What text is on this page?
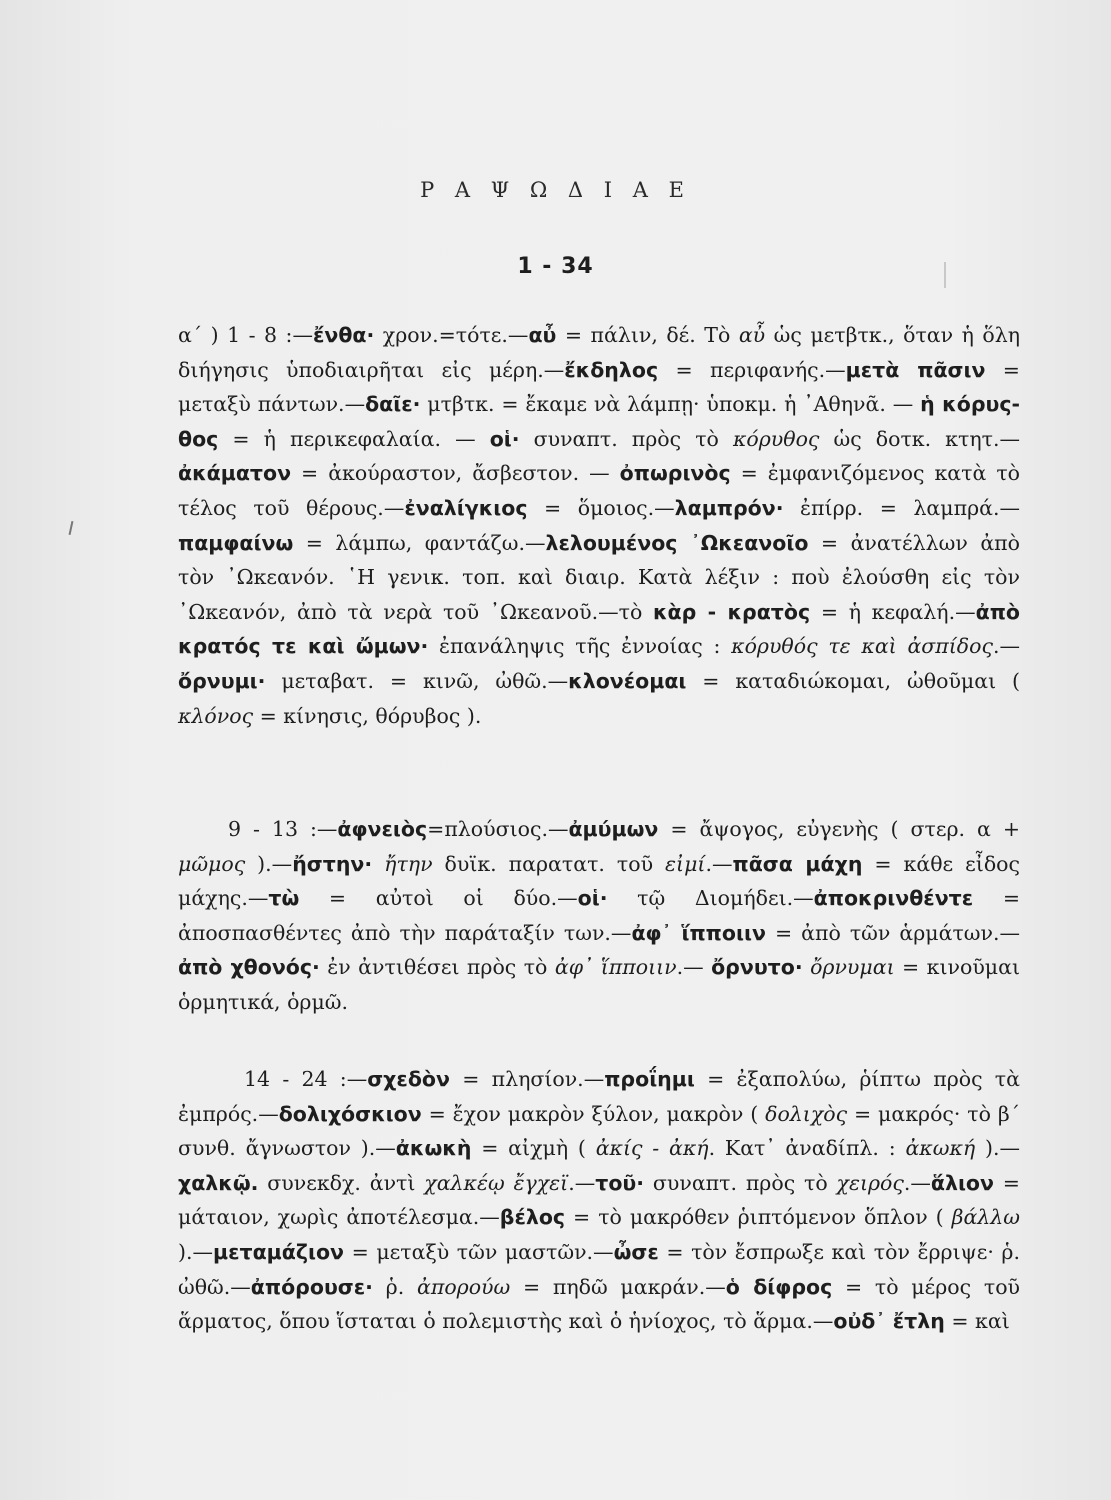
Ρ Α Ψ Ω Δ Ι Α Ε
1 - 34

α΄ ) 1 - 8 :—ἔνθα· χρον.=τότε.—αὖ = πάλιν, δέ. Τὸ αὖ ὡς μετβτκ., ὅταν ἡ ὅλη διήγησις ὑποδιαιρῆται εἰς μέρη.—ἔκδηλος = περιφανής.—μετὰ πᾶσιν = μεταξὺ πάντων.—δαῖε· μτβτκ. = ἔκαμε νὰ λάμπῃ· ὑποκμ. ἡ ᾽Αθηνᾶ. — ἡ κόρυς-θος = ἡ περικεφαλαία. — οἱ· συναπτ. πρὸς τὸ κόρυθος ὡς δοτκ. κτητ.—ἀκάματον = ἀκούραστον, ἄσβεστον. — ὀπωρινὸς = ἐμφανιζόμενος κατὰ τὸ τέλος τοῦ θέρους.—ἐναλίγκιος = ὅμοιος.—λαμπρόν· ἐπίρρ. = λαμπρά.—παμφαίνω = λάμπω, φαντάζω.—λελουμένος ᾽Ωκεανοῖο = ἀνατέλλων ἀπὸ τὸν ᾽Ωκεανόν. ῾Η γενικ. τοπ. καὶ διαιρ. Κατὰ λέξιν : ποὺ ἐλούσθη εἰς τὸν ᾽Ωκεανόν, ἀπὸ τὰ νερὰ τοῦ ᾽Ωκεανοῦ.—τὸ κὰρ - κρατὸς = ἡ κεφαλή.—ἀπὸ κρατός τε καὶ ὤμων· ἐπανάληψις τῆς ἐννοίας : κόρυθός τε καὶ ἀσπίδος.—ὄρνυμι· μεταβατ. = κινῶ, ὠθῶ.—κλονέομαι = καταδιώκομαι, ὠθοῦμαι ( κλόνος = κίνησις, θόρυβος ).

9 - 13 :—ἀφνειὸς=πλούσιος.—ἀμύμων = ἄψογος, εὐγενὴς ( στερ. α + μῶμος ).—ἤστην· ἤτην δυϊκ. παρατατ. τοῦ εἰμί.—πᾶσα μάχη = κάθε εἶδος μάχης.—τὼ = αὐτοὶ οἱ δύο.—οἱ· τῷ Διομήδει.—ἀποκρινθέντε = ἀποσπασθέντες ἀπὸ τὴν παράταξίν των.—ἀφ᾽ ἵπποιιν = ἀπὸ τῶν ἁρμάτων.—ἀπὸ χθονός· ἐν ἀντιθέσει πρὸς τὸ ἀφ᾽ ἵπποιιν.— ὄρνυτο· ὄρνυμαι = κινοῦμαι ὁρμητικά, ὁρμῶ.

14 - 24 :—σχεδὸν = πλησίον.—προΐημι = ἐξαπολύω, ῥίπτω πρὸς τὰ ἐμπρός.—δολιχόσκιον = ἔχον μακρὸν ξύλον, μακρὸν ( δολιχὸς = μακρός· τὸ β΄ συνθ. ἄγνωστον ).—ἀκωκὴ = αἰχμὴ ( ἀκίς - ἀκή. Κατ᾽ ἀναδίπλ. : ἀκωκή ).—χαλκῷ. συνεκδχ. ἀντὶ χαλκέῳ ἔγχεϊ.—τοῦ· συναπτ. πρὸς τὸ χειρός.—ἅλιον = μάταιον, χωρὶς ἀποτέλεσμα.—βέλος = τὸ μακρόθεν ῥιπτόμενον ὅπλον ( βάλλω ).—μεταμάζιον = μεταξὺ τῶν μαστῶν.—ὦσε = τὸν ἔσπρωξε καὶ τὸν ἔρριψε· ῥ. ὠθῶ.—ἀπόρουσε· ῥ. ἀπορούω = πηδῶ μακράν.—ὁ δίφρος = τὸ μέρος τοῦ ἅρματος, ὅπου ἵσταται ὁ πολεμιστὴς καὶ ὁ ἡνίοχος, τὸ ἅρμα.—οὐδ᾽ ἔτλη = καὶ
